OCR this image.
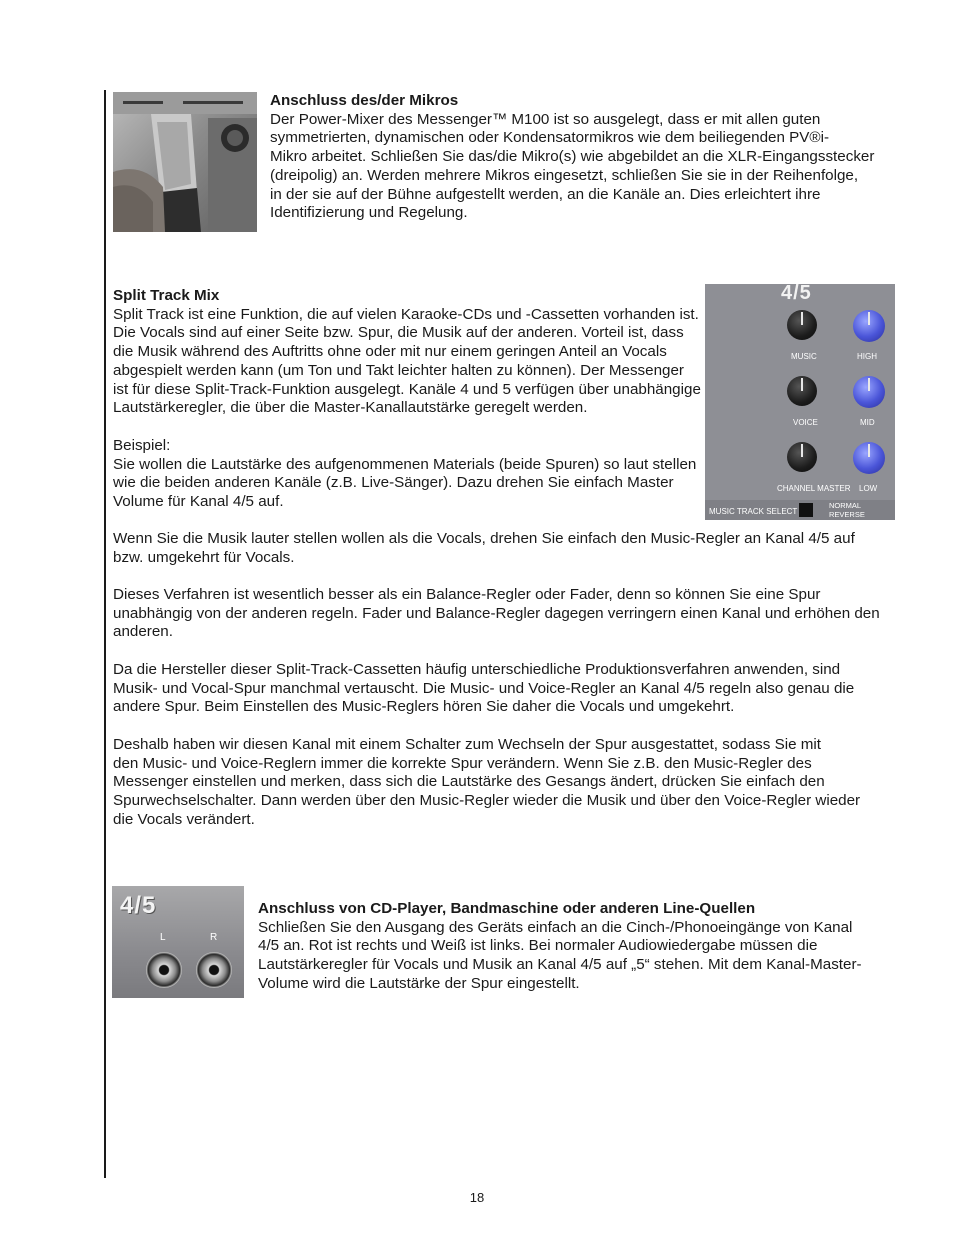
Anschluss des/der Mikros

Der Power-Mixer des Messenger™ M100 ist so ausgelegt, dass er mit allen guten

symmetrierten, dynamischen oder Kondensatormikros wie dem beiliegenden PV®i-

Mikro arbeitet. Schließen Sie das/die Mikro(s) wie abgebildet an die XLR-Eingangsstecker

(dreipolig) an. Werden mehrere Mikros eingesetzt, schließen Sie sie in der Reihenfolge,

in der sie auf der Bühne aufgestellt werden, an die Kanäle an. Dies erleichtert ihre

Identifizierung und Regelung.

Split Track Mix

Split Track ist eine Funktion, die auf vielen Karaoke-CDs und -Cassetten vorhanden ist.

Die Vocals sind auf einer Seite bzw. Spur, die Musik auf der anderen. Vorteil ist, dass

die Musik während des Auftritts ohne oder mit nur einem geringen Anteil an Vocals

abgespielt werden kann (um Ton und Takt leichter halten zu können). Der Messenger

ist für diese Split-Track-Funktion ausgelegt. Kanäle 4 und 5 verfügen über unabhängige

Lautstärkeregler, die über die Master-Kanallautstärke geregelt werden.

Beispiel:

Sie wollen die Lautstärke des aufgenommenen Materials (beide Spuren) so laut stellen

wie die beiden anderen Kanäle (z.B. Live-Sänger). Dazu drehen Sie einfach Master

Volume für Kanal 4/5 auf.

4/5
MUSIC	HIGH
VOICE	MID
CHANNEL MASTER LOW
MUSIC TRACK SELECT
NORMAL
REVERSE

Wenn Sie die Musik lauter stellen wollen als die Vocals, drehen Sie einfach den Music-Regler an Kanal 4/5 auf

bzw. umgekehrt für Vocals.

Dieses Verfahren ist wesentlich besser als ein Balance-Regler oder Fader, denn so können Sie eine Spur

unabhängig von der anderen regeln. Fader und Balance-Regler dagegen verringern einen Kanal und erhöhen den

anderen.

Da die Hersteller dieser Split-Track-Cassetten häufig unterschiedliche Produktionsverfahren anwenden, sind

Musik- und Vocal-Spur manchmal vertauscht. Die Music- und Voice-Regler an Kanal 4/5 regeln also genau die

andere Spur. Beim Einstellen des Music-Reglers hören Sie daher die Vocals und umgekehrt.

Deshalb haben wir diesen Kanal mit einem Schalter zum Wechseln der Spur ausgestattet, sodass Sie mit

den Music- und Voice-Reglern immer die korrekte Spur verändern. Wenn Sie z.B. den Music-Regler des

Messenger einstellen und merken, dass sich die Lautstärke des Gesangs ändert, drücken Sie einfach den

Spurwechselschalter. Dann werden über den Music-Regler wieder die Musik und über den Voice-Regler wieder

die Vocals verändert.

4/5
L	R

Anschluss von CD-Player, Bandmaschine oder anderen Line-Quellen

Schließen Sie den Ausgang des Geräts einfach an die Cinch-/Phonoeingänge von Kanal

4/5 an. Rot ist rechts und Weiß ist links. Bei normaler Audiowiedergabe müssen die

Lautstärkeregler für Vocals und Musik an Kanal 4/5 auf „5“ stehen. Mit dem Kanal-Master-

Volume wird die Lautstärke der Spur eingestellt.

18
